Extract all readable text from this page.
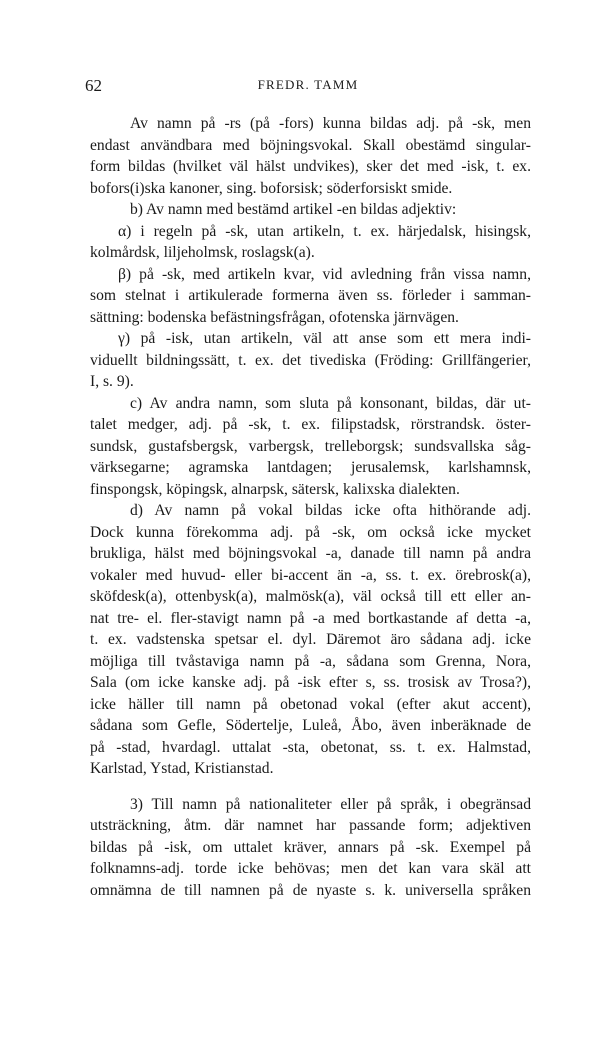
62	FREDR. TAMM
Av namn på -rs (på -fors) kunna bildas adj. på -sk, men
endast användbara med böjningsvokal. Skall obestämd singular-
form bildas (hvilket väl hälst undvikes), sker det med -isk, t. ex.
bofors(i)ska kanoner, sing. boforsisk; söderforsiskt smide.
b) Av namn med bestämd artikel -en bildas adjektiv:
α) i regeln på -sk, utan artikeln, t. ex. härjedalsk, hisingsk,
kolmårdsk, liljeholmsk, roslagsk(a).
β) på -sk, med artikeln kvar, vid avledning från vissa namn,
som stelnat i artikulerade formerna även ss. förleder i samman-
sättning: bodenska befästningsfrågan, ofotenska järnvägen.
γ) på -isk, utan artikeln, väl att anse som ett mera indi-
viduellt bildningssätt, t. ex. det tivediska (Fröding: Grillfängerier,
I, s. 9).
c) Av andra namn, som sluta på konsonant, bildas, där ut-
talet medger, adj. på -sk, t. ex. filipstadsk, rörstrandsk. öster-
sundsk, gustafsbergsk, varbergsk, trelleborgsk; sundsvallska såg-
värksegarne; agramska lantdagen; jerusalemsk, karlshamnsk,
finspongsk, köpingsk, alnarpsk, sätersk, kalixska dialekten.
d) Av namn på vokal bildas icke ofta hithörande adj.
Dock kunna förekomma adj. på -sk, om också icke mycket
brukliga, hälst med böjningsvokal -a, danade till namn på andra
vokaler med huvud- eller bi-accent än -a, ss. t. ex. örebrosk(a),
sköfdesk(a), ottenbysk(a), malmösk(a), väl också till ett eller an-
nat tre- el. fler-stavigt namn på -a med bortkastande af detta -a,
t. ex. vadstenska spetsar el. dyl. Däremot äro sådana adj. icke
möjliga till tvåstaviga namn på -a, sådana som Grenna, Nora,
Sala (om icke kanske adj. på -isk efter s, ss. trosisk av Trosa?),
icke häller till namn på obetonad vokal (efter akut accent),
sådana som Gefle, Södertelje, Luleå, Åbo, även inberäknade de
på -stad, hvardagl. uttalat -sta, obetonat, ss. t. ex. Halmstad,
Karlstad, Ystad, Kristianstad.
3) Till namn på nationaliteter eller på språk, i obegränsad
utsträckning, åtm. där namnet har passande form; adjektiven
bildas på -isk, om uttalet kräver, annars på -sk. Exempel på
folknamns-adj. torde icke behövas; men det kan vara skäl att
omnämna de till namnen på de nyaste s. k. universella språken
